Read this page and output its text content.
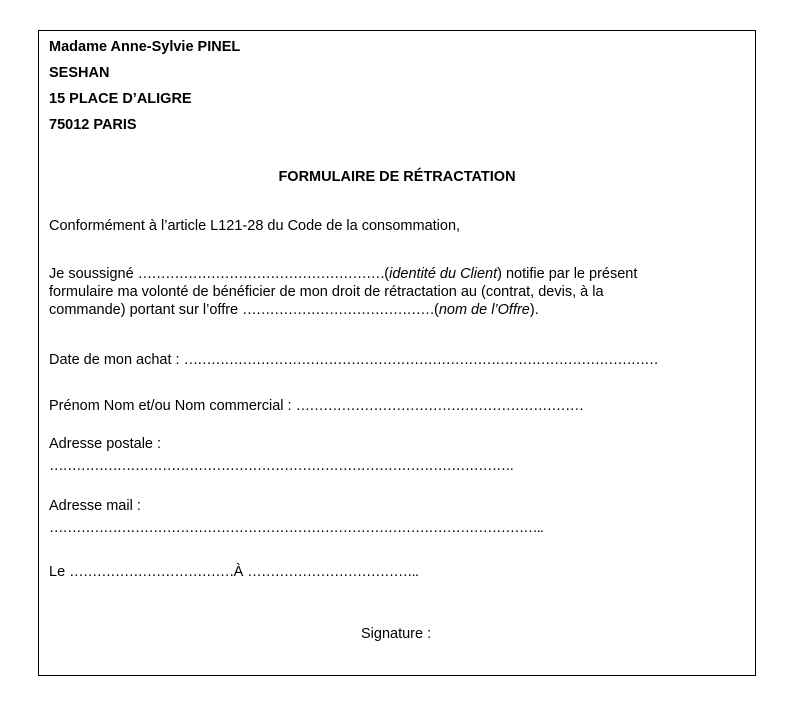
Madame Anne-Sylvie PINEL
SESHAN
15 PLACE D’ALIGRE
75012 PARIS
FORMULAIRE DE RÉTRACTATION
Conformément à l’article L121-28 du Code de la consommation,
Je soussigné ………………………………………………(identité du Client) notifie par le présent
formulaire ma volonté de bénéficier de mon droit de rétractation au (contrat, devis, à la
commande) portant sur l’offre ……………………………………(nom de l’Offre).
Date de mon achat : ……………………………………………………………………………………………
Prénom Nom et/ou Nom commercial : ………………………………………………………
Adresse postale :
………………………………………………………………………………………….
Adresse mail :
………………………………………………………………………………………………..
Le ………………………………À ………………………………..
Signature :
